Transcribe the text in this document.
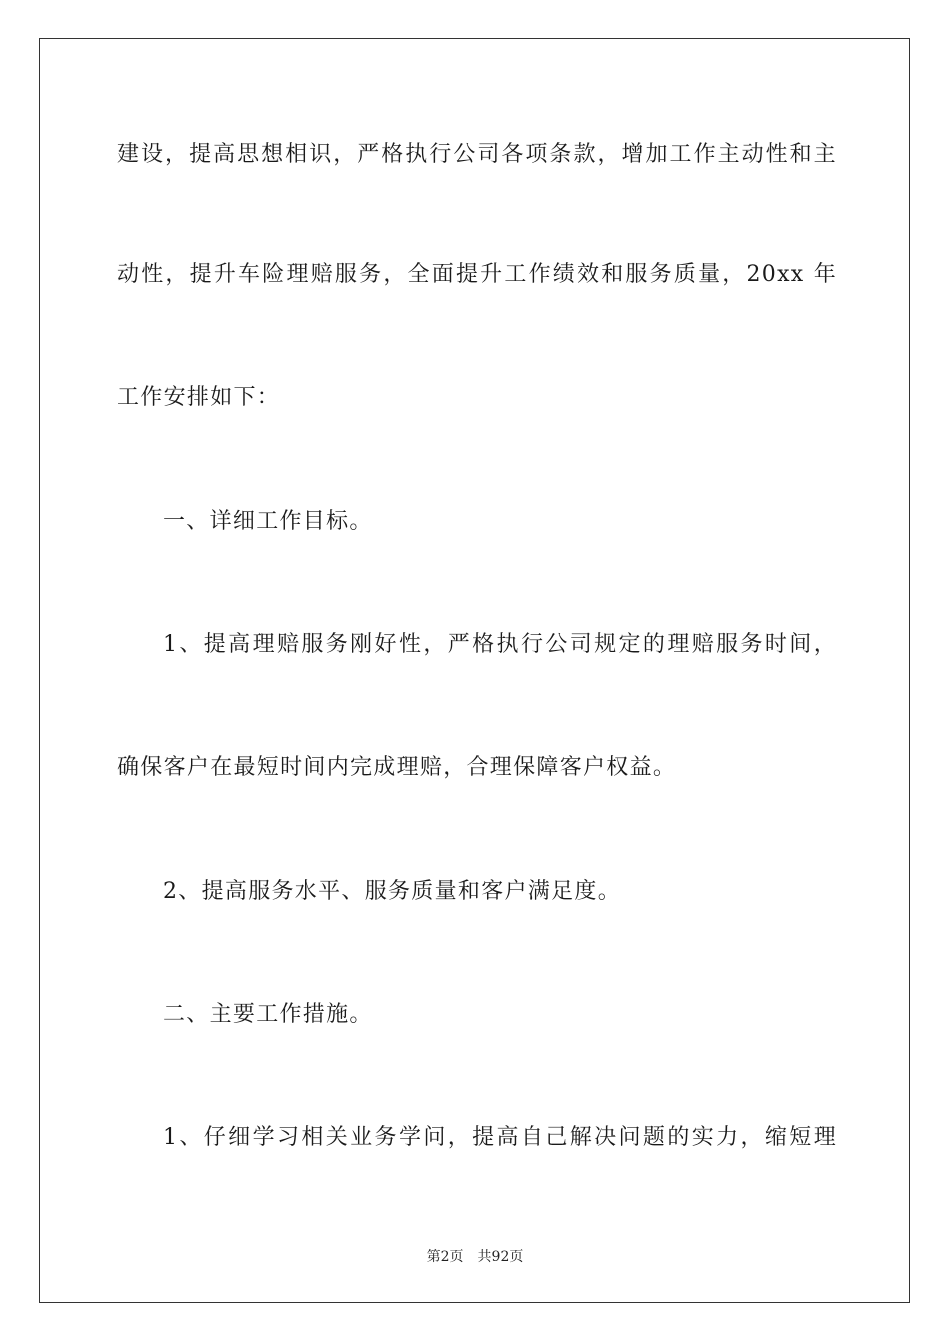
建设，提高思想相识，严格执行公司各项条款，增加工作主动性和主
动性，提升车险理赔服务，全面提升工作绩效和服务质量，20xx 年
工作安排如下：
一、详细工作目标。
1、提高理赔服务刚好性，严格执行公司规定的理赔服务时间，
确保客户在最短时间内完成理赔，合理保障客户权益。
2、提高服务水平、服务质量和客户满足度。
二、主要工作措施。
1、仔细学习相关业务学问，提高自己解决问题的实力，缩短理
第2页 共92页
